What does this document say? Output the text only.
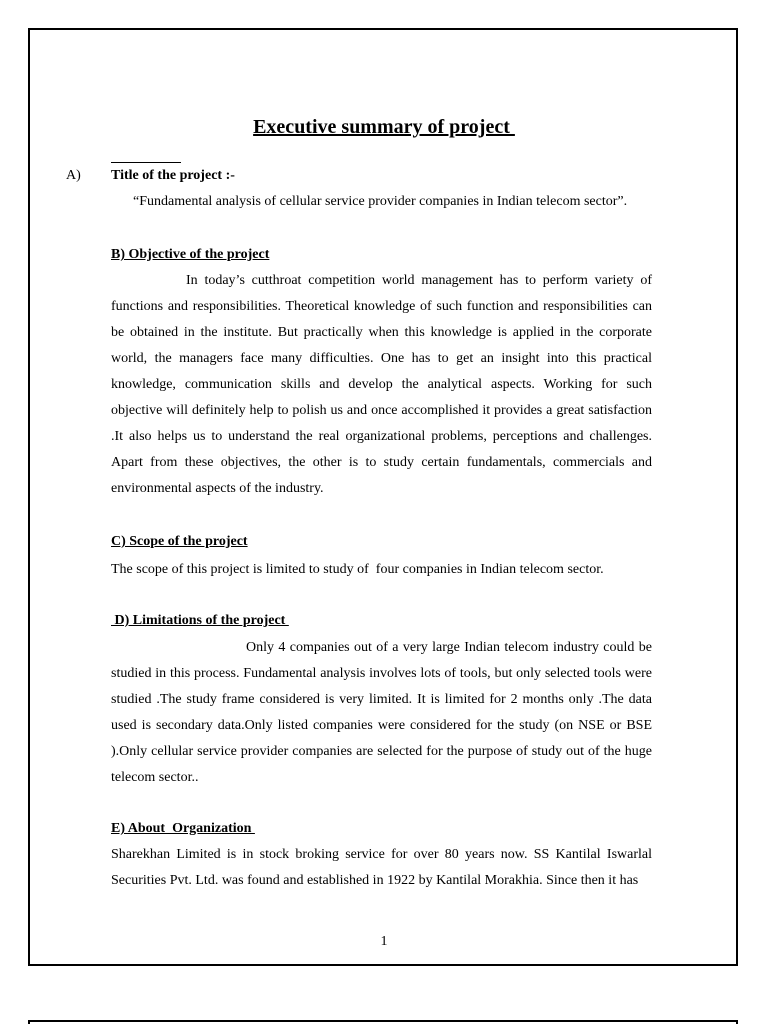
Executive summary of project
A) Title of the project :-
“Fundamental analysis of cellular service provider companies in Indian telecom sector”.
B) Objective of the project
In today’s cutthroat competition world management has to perform variety of functions and responsibilities. Theoretical knowledge of such function and responsibilities can be obtained in the institute. But practically when this knowledge is applied in the corporate world, the managers face many difficulties. One has to get an insight into this practical knowledge, communication skills and develop the analytical aspects. Working for such objective will definitely help to polish us and once accomplished it provides a great satisfaction .It also helps us to understand the real organizational problems, perceptions and challenges. Apart from these objectives, the other is to study certain fundamentals, commercials and environmental aspects of the industry.
C) Scope of the project
The scope of this project is limited to study of  four companies in Indian telecom sector.
D) Limitations of the project
Only 4 companies out of a very large Indian telecom industry could be studied in this process. Fundamental analysis involves lots of tools, but only selected tools were studied .The study frame considered is very limited. It is limited for 2 months only .The data used is secondary data.Only listed companies were considered for the study (on NSE or BSE ).Only cellular service provider companies are selected for the purpose of study out of the huge telecom sector..
E) About  Organization
Sharekhan Limited is in stock broking service for over 80 years now. SS Kantilal Iswarlal Securities Pvt. Ltd. was found and established in 1922 by Kantilal Morakhia. Since then it has
1
